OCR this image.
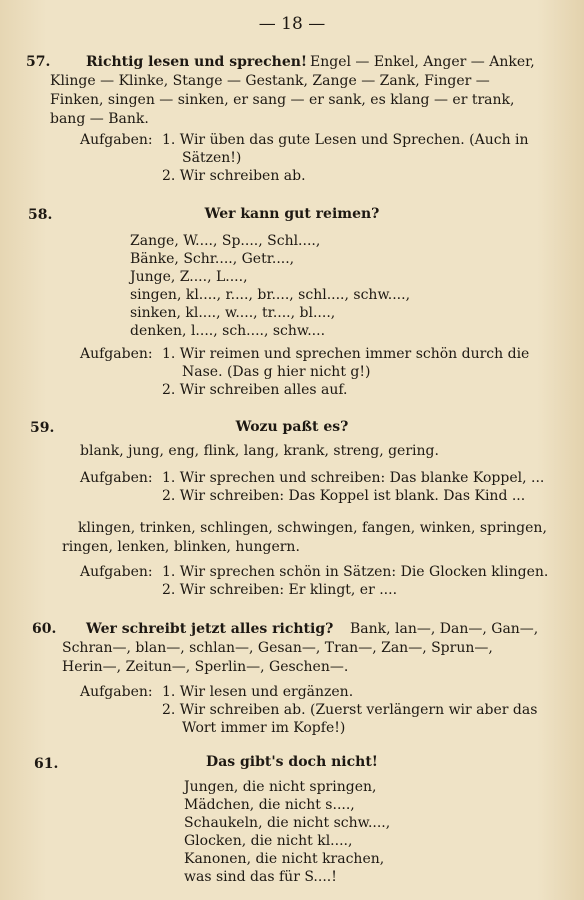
— 18 —
57.	Richtig lesen und sprechen! Engel — Enkel, Anger — Anker,
Klinge — Klinke, Stange — Gestank, Zange — Zank, Finger —
Finken, singen — sinken, er sang — er sank, es klang — er trank,
bang — Bank.
Aufgaben: 1. Wir üben das gute Lesen und Sprechen. (Auch in
Sätzen!)
2. Wir schreiben ab.
58.	Wer kann gut reimen?
Zange, W...., Sp...., Schl....,
Bänke, Schr...., Getr....,
Junge, Z...., L....,
singen, kl...., r...., br...., schl...., schw....,
sinken, kl...., w...., tr...., bl....,
denken, l...., sch...., schw....
Aufgaben: 1. Wir reimen und sprechen immer schön durch die
Nase. (Das g hier nicht g!)
2. Wir schreiben alles auf.
59.	Wozu paßt es?
blank, jung, eng, flink, lang, krank, streng, gering.
Aufgaben: 1. Wir sprechen und schreiben: Das blanke Koppel, ...
2. Wir schreiben: Das Koppel ist blank. Das Kind ...
klingen, trinken, schlingen, schwingen, fangen, winken, springen,
ringen, lenken, blinken, hungern.
Aufgaben: 1. Wir sprechen schön in Sätzen: Die Glocken klingen.
2. Wir schreiben: Er klingt, er ....
60. Wer schreibt jetzt alles richtig? Bank, lan—, Dan—, Gan—,
Schran—, blan—, schlan—, Gesan—, Tran—, Zan—, Sprun—,
Herin—, Zeitun—, Sperlin—, Geschen—.
Aufgaben: 1. Wir lesen und ergänzen.
2. Wir schreiben ab. (Zuerst verlängern wir aber das
Wort immer im Kopfe!)
61.	Das gibt's doch nicht!
Jungen, die nicht springen,
Mädchen, die nicht s....,
Schaukeln, die nicht schw....,
Glocken, die nicht kl....,
Kanonen, die nicht krachen,
was sind das für S....!
